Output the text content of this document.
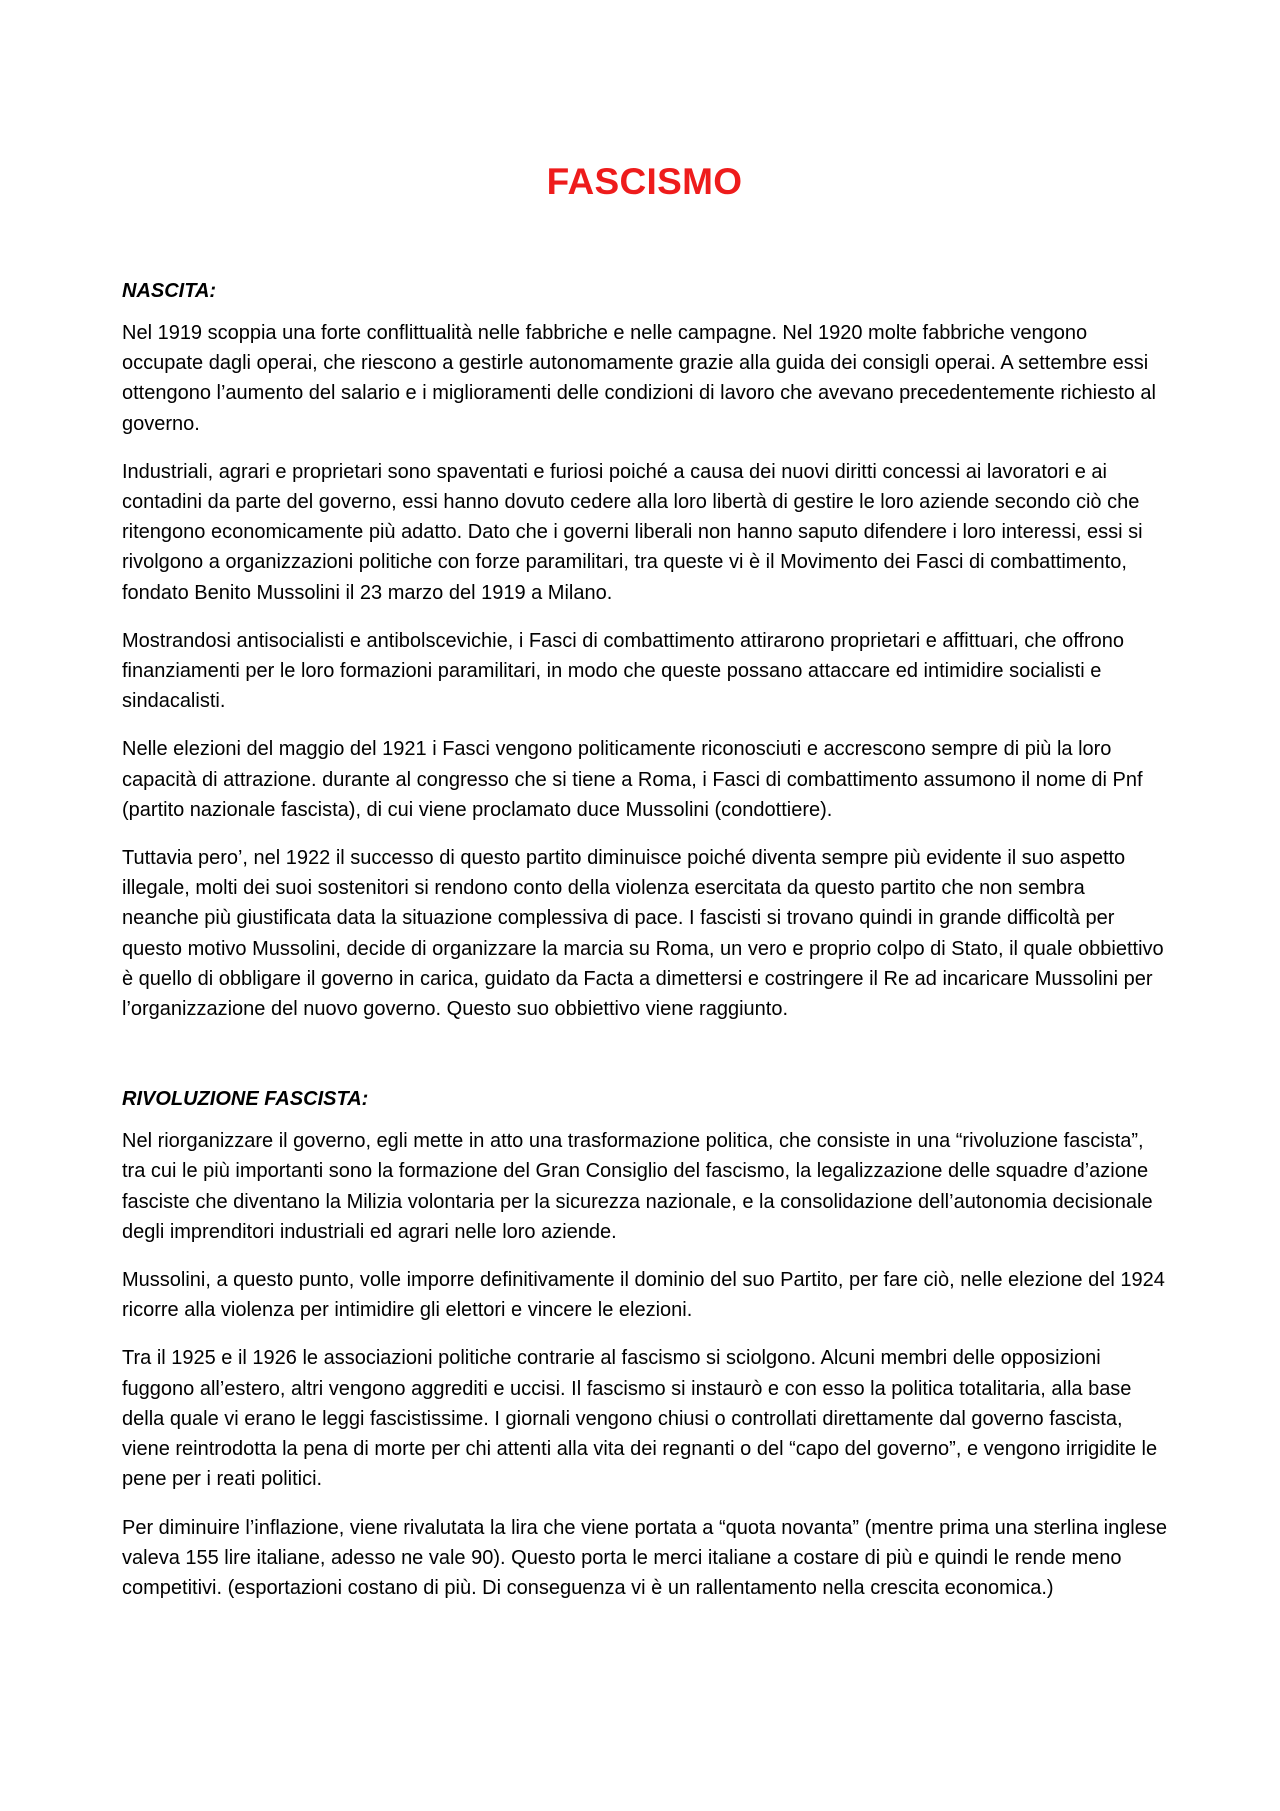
FASCISMO
NASCITA:

Nel 1919 scoppia una forte conflittualità nelle fabbriche e nelle campagne. Nel 1920 molte fabbriche vengono occupate dagli operai, che riescono a gestirle autonomamente grazie alla guida dei consigli operai. A settembre essi ottengono l’aumento del salario e i miglioramenti delle condizioni di lavoro che avevano precedentemente richiesto al governo.

Industriali, agrari e proprietari sono spaventati e furiosi poiché a causa dei nuovi diritti concessi ai lavoratori e ai contadini da parte del governo, essi hanno dovuto cedere alla loro libertà di gestire le loro aziende secondo ciò che ritengono economicamente più adatto. Dato che i governi liberali non hanno saputo difendere i loro interessi, essi si rivolgono a organizzazioni politiche con forze paramilitari, tra queste vi è il Movimento dei Fasci di combattimento, fondato Benito Mussolini il 23 marzo del 1919 a Milano.

Mostrandosi antisocialisti e antibolscevichie, i Fasci di combattimento attirarono proprietari e affittuari, che offrono finanziamenti per le loro formazioni paramilitari, in modo che queste possano attaccare ed intimidire socialisti e sindacalisti.

Nelle elezioni del maggio del 1921 i Fasci vengono politicamente riconosciuti e accrescono sempre di più la loro capacità di attrazione. durante al congresso che si tiene a Roma, i Fasci di combattimento assumono il nome di Pnf (partito nazionale fascista), di cui viene proclamato duce Mussolini (condottiere).

Tuttavia pero’, nel 1922 il successo di questo partito diminuisce poiché diventa sempre più evidente il suo aspetto illegale, molti dei suoi sostenitori si rendono conto della violenza esercitata da questo partito che non sembra neanche più giustificata data la situazione complessiva di pace. I fascisti si trovano quindi in grande difficoltà per questo motivo Mussolini, decide di organizzare la marcia su Roma, un vero e proprio colpo di Stato, il quale obbiettivo è quello di obbligare il governo in carica, guidato da Facta a dimettersi e costringere il Re ad incaricare Mussolini per l’organizzazione del nuovo governo. Questo suo obbiettivo viene raggiunto.

RIVOLUZIONE FASCISTA:

Nel riorganizzare il governo, egli mette in atto una trasformazione politica, che consiste in una “rivoluzione fascista”, tra cui le più importanti sono la formazione del Gran Consiglio del fascismo, la legalizzazione delle squadre d’azione fasciste che diventano la Milizia volontaria per la sicurezza nazionale, e la consolidazione dell’autonomia decisionale degli imprenditori industriali ed agrari nelle loro aziende.

Mussolini, a questo punto, volle imporre definitivamente il dominio del suo Partito, per fare ciò, nelle elezione del 1924 ricorre alla violenza per intimidire gli elettori e vincere le elezioni.

Tra il 1925 e il 1926 le associazioni politiche contrarie al fascismo si sciolgono. Alcuni membri delle opposizioni fuggono all’estero, altri vengono aggrediti e uccisi. Il fascismo si instaurò e con esso la politica totalitaria, alla base della quale vi erano le leggi fascistissime. I giornali vengono chiusi o controllati direttamente dal governo fascista, viene reintrodotta la pena di morte per chi attenti alla vita dei regnanti o del “capo del governo”, e vengono irrigidite le pene per i reati politici.

Per diminuire l’inflazione, viene rivalutata la lira che viene portata a “quota novanta” (mentre prima una sterlina inglese valeva 155 lire italiane, adesso ne vale 90). Questo porta le merci italiane a costare di più e quindi le rende meno competitivi. (esportazioni costano di più. Di conseguenza vi è un rallentamento nella crescita economica.)
